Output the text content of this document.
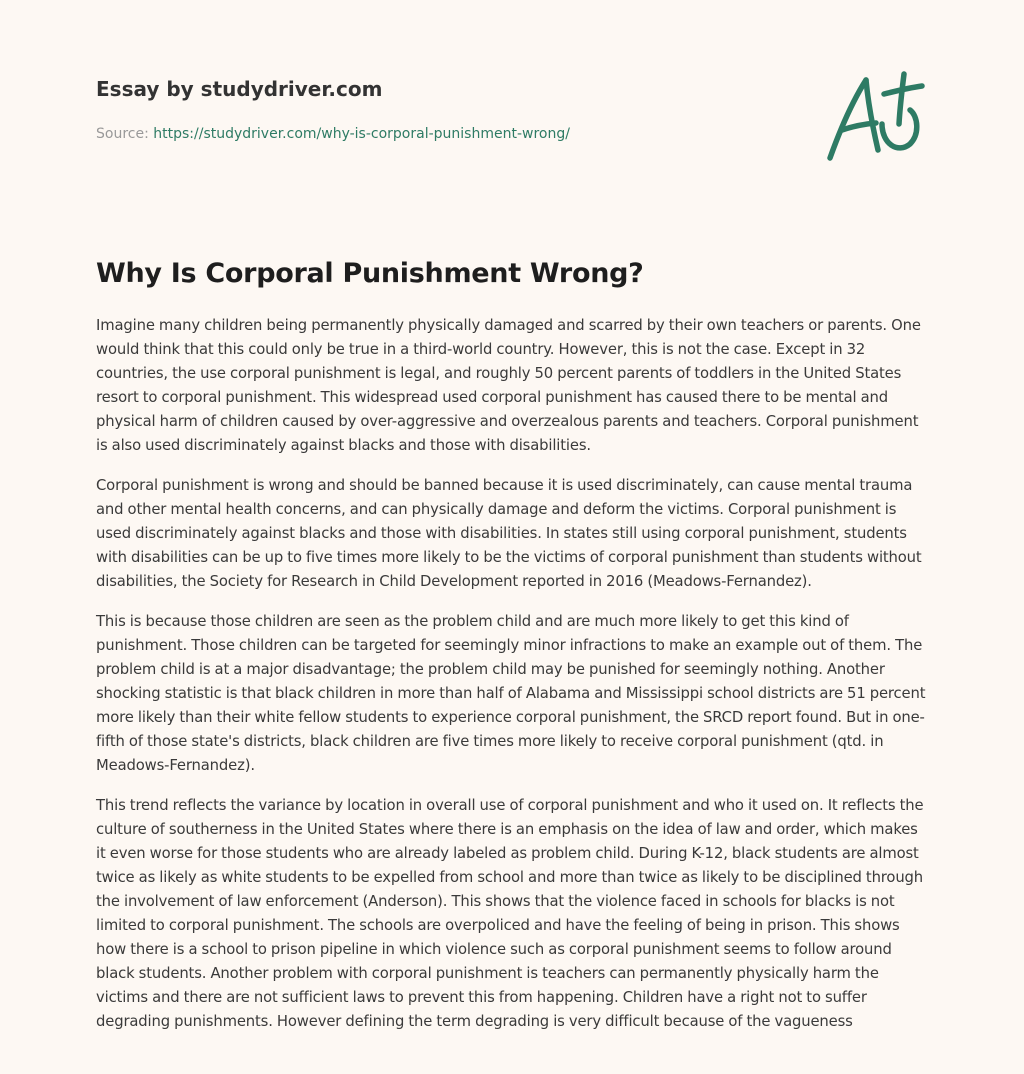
Essay by studydriver.com
Source: https://studydriver.com/why-is-corporal-punishment-wrong/
Why Is Corporal Punishment Wrong?

Imagine many children being permanently physically damaged and scarred by their own teachers or parents. One would think that this could only be true in a third-world country. However, this is not the case. Except in 32 countries, the use corporal punishment is legal, and roughly 50 percent parents of toddlers in the United States resort to corporal punishment. This widespread used corporal punishment has caused there to be mental and physical harm of children caused by over-aggressive and overzealous parents and teachers. Corporal punishment is also used discriminately against blacks and those with disabilities.

Corporal punishment is wrong and should be banned because it is used discriminately, can cause mental trauma and other mental health concerns, and can physically damage and deform the victims. Corporal punishment is used discriminately against blacks and those with disabilities. In states still using corporal punishment, students with disabilities can be up to five times more likely to be the victims of corporal punishment than students without disabilities, the Society for Research in Child Development reported in 2016 (Meadows-Fernandez).

This is because those children are seen as the problem child and are much more likely to get this kind of punishment. Those children can be targeted for seemingly minor infractions to make an example out of them. The problem child is at a major disadvantage; the problem child may be punished for seemingly nothing. Another shocking statistic is that black children in more than half of Alabama and Mississippi school districts are 51 percent more likely than their white fellow students to experience corporal punishment, the SRCD report found. But in one-fifth of those state's districts, black children are five times more likely to receive corporal punishment (qtd. in Meadows-Fernandez).

This trend reflects the variance by location in overall use of corporal punishment and who it used on. It reflects the culture of southerness in the United States where there is an emphasis on the idea of law and order, which makes it even worse for those students who are already labeled as problem child. During K-12, black students are almost twice as likely as white students to be expelled from school and more than twice as likely to be disciplined through the involvement of law enforcement (Anderson). This shows that the violence faced in schools for blacks is not limited to corporal punishment. The schools are overpoliced and have the feeling of being in prison. This shows how there is a school to prison pipeline in which violence such as corporal punishment seems to follow around black students. Another problem with corporal punishment is teachers can permanently physically harm the victims and there are not sufficient laws to prevent this from happening. Children have a right not to suffer degrading punishments. However defining the term degrading is very difficult because of the vagueness
